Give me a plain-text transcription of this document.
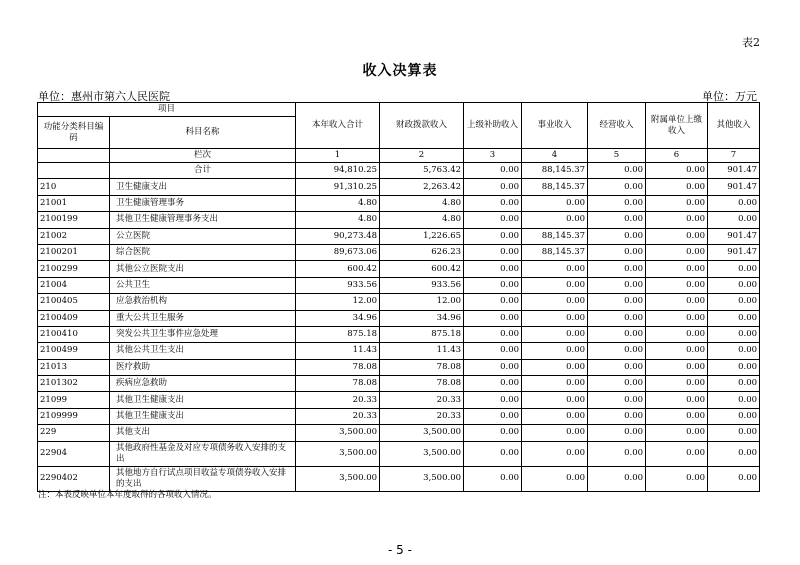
表2
收入决算表
单位：惠州市第六人民医院	单位：万元
项目		本年收入合计	财政拨款收入	上级补助收入	事业收入	经营收入	附属单位上缴收入	其他收入
功能分类科目编码	科目名称							
	栏次	1	2	3	4	5	6	7
	合计	94,810.25	5,763.42	0.00	88,145.37	0.00	0.00	901.47
210	卫生健康支出	91,310.25	2,263.42	0.00	88,145.37	0.00	0.00	901.47
21001	卫生健康管理事务	4.80	4.80	0.00	0.00	0.00	0.00	0.00
2100199	其他卫生健康管理事务支出	4.80	4.80	0.00	0.00	0.00	0.00	0.00
21002	公立医院	90,273.48	1,226.65	0.00	88,145.37	0.00	0.00	901.47
2100201	综合医院	89,673.06	626.23	0.00	88,145.37	0.00	0.00	901.47
2100299	其他公立医院支出	600.42	600.42	0.00	0.00	0.00	0.00	0.00
21004	公共卫生	933.56	933.56	0.00	0.00	0.00	0.00	0.00
2100405	应急救治机构	12.00	12.00	0.00	0.00	0.00	0.00	0.00
2100409	重大公共卫生服务	34.96	34.96	0.00	0.00	0.00	0.00	0.00
2100410	突发公共卫生事件应急处理	875.18	875.18	0.00	0.00	0.00	0.00	0.00
2100499	其他公共卫生支出	11.43	11.43	0.00	0.00	0.00	0.00	0.00
21013	医疗救助	78.08	78.08	0.00	0.00	0.00	0.00	0.00
2101302	疾病应急救助	78.08	78.08	0.00	0.00	0.00	0.00	0.00
21099	其他卫生健康支出	20.33	20.33	0.00	0.00	0.00	0.00	0.00
2109999	其他卫生健康支出	20.33	20.33	0.00	0.00	0.00	0.00	0.00
229	其他支出	3,500.00	3,500.00	0.00	0.00	0.00	0.00	0.00
22904	其他政府性基金及对应专项债务收入安排的支出	3,500.00	3,500.00	0.00	0.00	0.00	0.00	0.00
2290402	其他地方自行试点项目收益专项债券收入安排的支出	3,500.00	3,500.00	0.00	0.00	0.00	0.00	0.00
注：本表反映单位本年度取得的各项收入情况。
- 5 -
